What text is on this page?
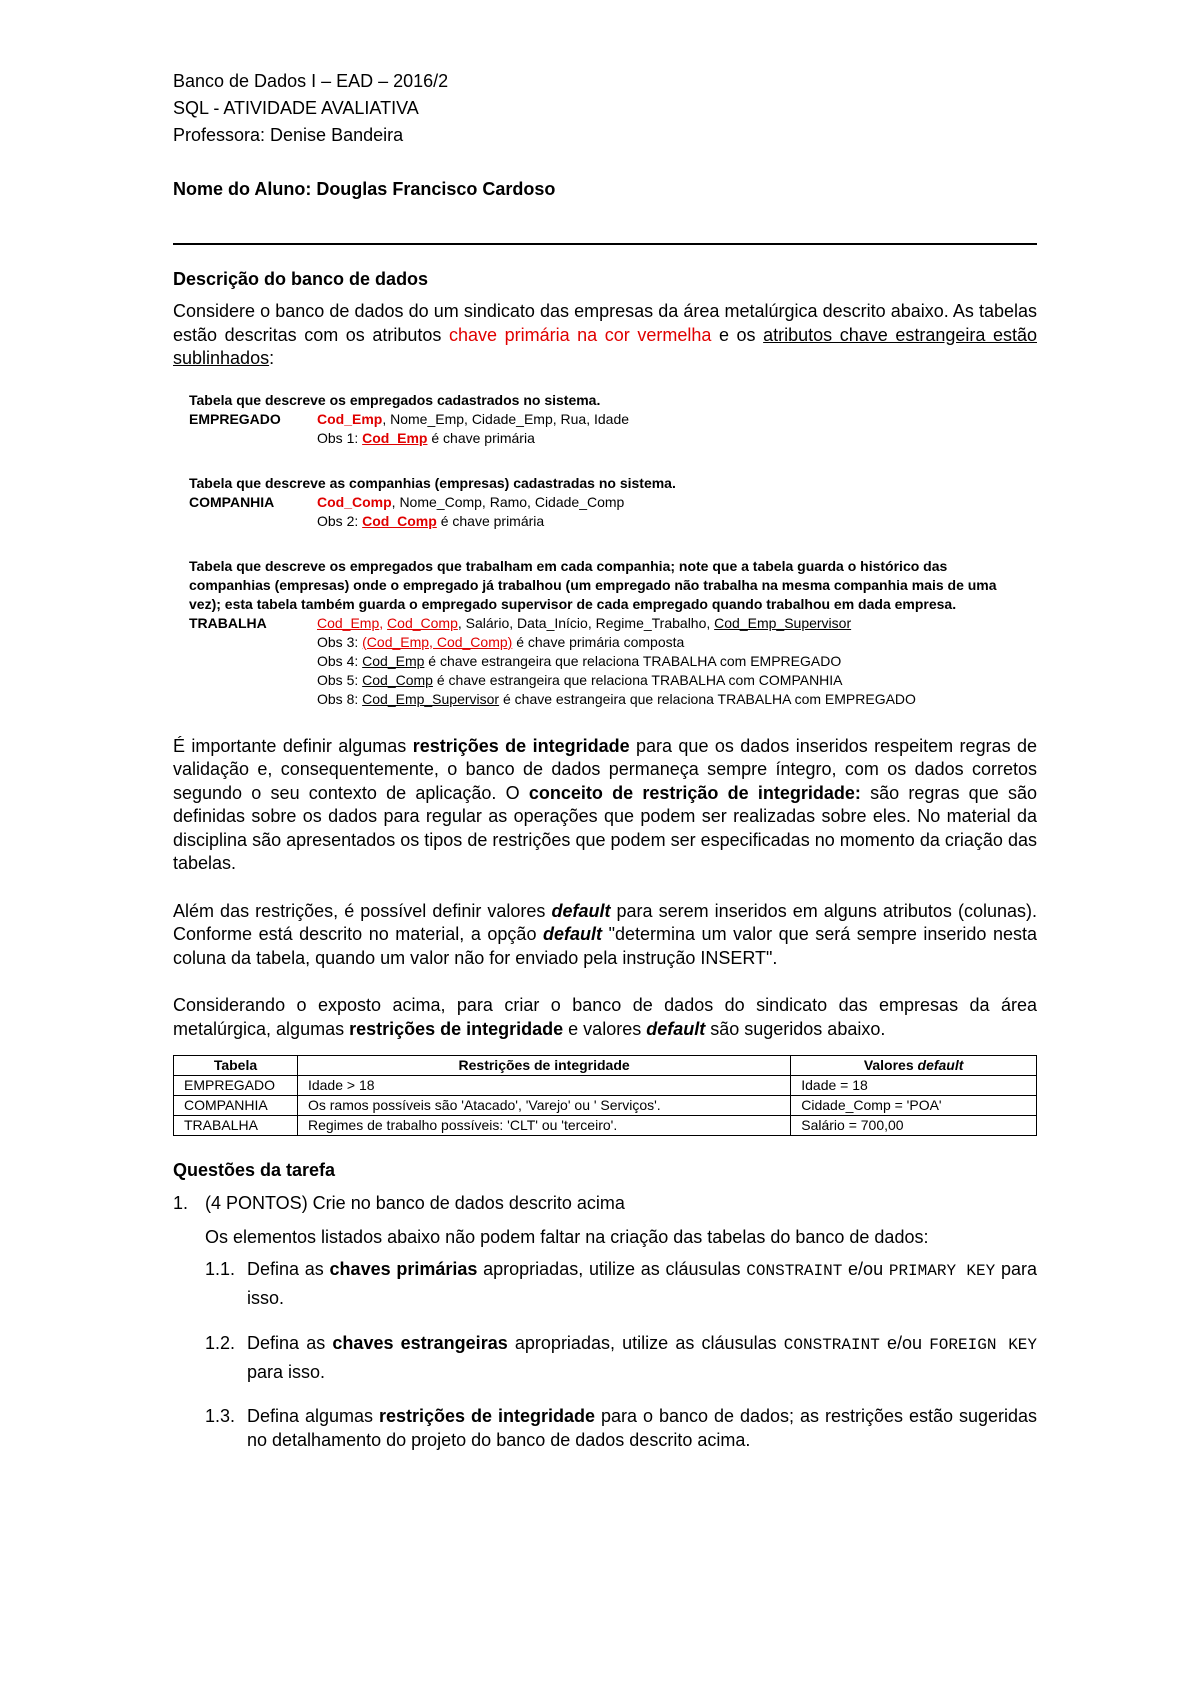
Banco de Dados I – EAD – 2016/2
SQL - ATIVIDADE AVALIATIVA
Professora: Denise Bandeira
Nome do Aluno: Douglas Francisco Cardoso
Descrição do banco de dados

Considere o banco de dados do um sindicato das empresas da área metalúrgica descrito abaixo. As tabelas estão descritas com os atributos chave primária na cor vermelha e os atributos chave estrangeira estão sublinhados:

Tabela que descreve os empregados cadastrados no sistema.
EMPREGADO	Cod_Emp, Nome_Emp, Cidade_Emp, Rua, Idade
Obs 1: Cod_Emp é chave primária
Tabela que descreve as companhias (empresas) cadastradas no sistema.
COMPANHIA	Cod_Comp, Nome_Comp, Ramo, Cidade_Comp
Obs 2: Cod_Comp é chave primária
Tabela que descreve os empregados que trabalham em cada companhia; note que a tabela guarda o histórico das companhias (empresas) onde o empregado já trabalhou (um empregado não trabalha na mesma companhia mais de uma vez); esta tabela também guarda o empregado supervisor de cada empregado quando trabalhou em dada empresa.
TRABALHA	Cod_Emp, Cod_Comp, Salário, Data_Início, Regime_Trabalho, Cod_Emp_Supervisor
Obs 3: (Cod_Emp, Cod_Comp) é chave primária composta
Obs 4: Cod_Emp é chave estrangeira que relaciona TRABALHA com EMPREGADO
Obs 5: Cod_Comp é chave estrangeira que relaciona TRABALHA com COMPANHIA
Obs 8: Cod_Emp_Supervisor é chave estrangeira que relaciona TRABALHA com EMPREGADO

É importante definir algumas restrições de integridade para que os dados inseridos respeitem regras de validação e, consequentemente, o banco de dados permaneça sempre íntegro, com os dados corretos segundo o seu contexto de aplicação. O conceito de restrição de integridade: são regras que são definidas sobre os dados para regular as operações que podem ser realizadas sobre eles. No material da disciplina são apresentados os tipos de restrições que podem ser especificadas no momento da criação das tabelas.

Além das restrições, é possível definir valores default para serem inseridos em alguns atributos (colunas). Conforme está descrito no material, a opção default "determina um valor que será sempre inserido nesta coluna da tabela, quando um valor não for enviado pela instrução INSERT".

Considerando o exposto acima, para criar o banco de dados do sindicato das empresas da área metalúrgica, algumas restrições de integridade e valores default são sugeridos abaixo.

Tabela	Restrições de integridade	Valores default
EMPREGADO	Idade > 18	Idade = 18
COMPANHIA	Os ramos possíveis são 'Atacado', 'Varejo' ou ' Serviços'.	Cidade_Comp = 'POA'
TRABALHA	Regimes de trabalho possíveis: 'CLT' ou 'terceiro'.	Salário = 700,00
Questões da tarefa
1. (4 PONTOS) Crie no banco de dados descrito acima
Os elementos listados abaixo não podem faltar na criação das tabelas do banco de dados:
1.1. Defina as chaves primárias apropriadas, utilize as cláusulas CONSTRAINT e/ou PRIMARY KEY para isso.
1.2. Defina as chaves estrangeiras apropriadas, utilize as cláusulas CONSTRAINT e/ou FOREIGN KEY para isso.
1.3. Defina algumas restrições de integridade para o banco de dados; as restrições estão sugeridas no detalhamento do projeto do banco de dados descrito acima.
